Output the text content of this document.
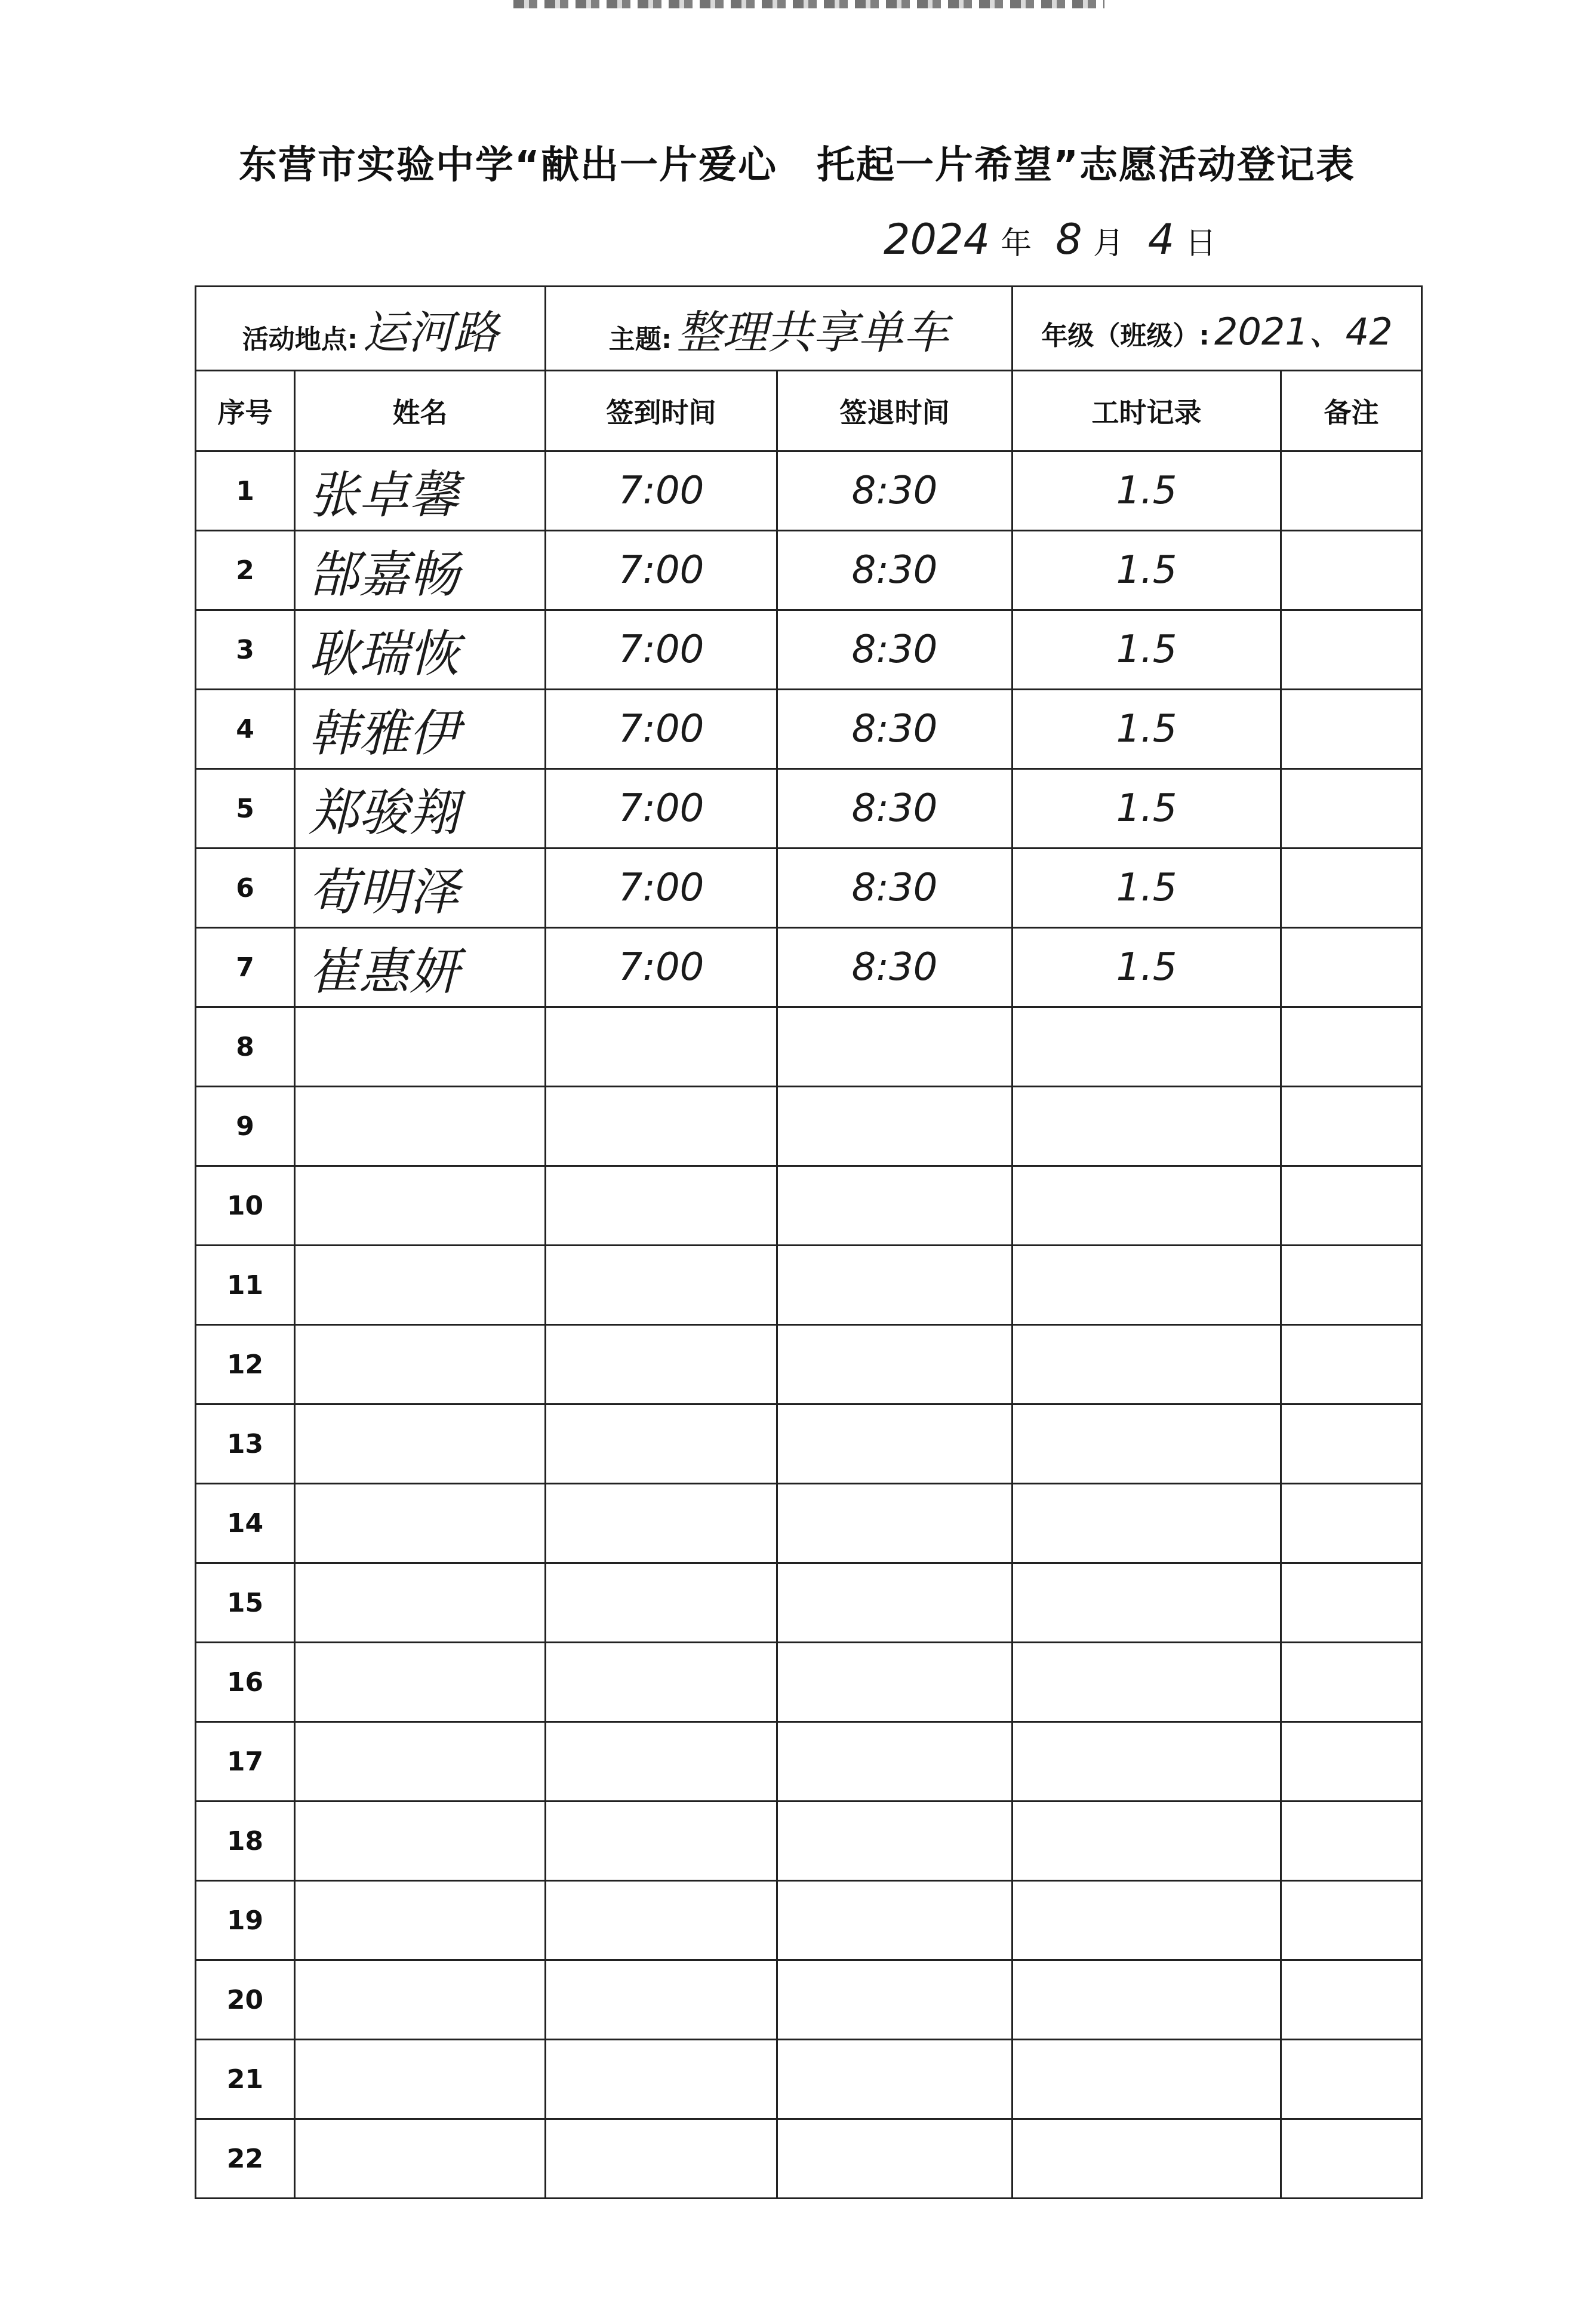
东营市实验中学“献出一片爱心　托起一片希望”志愿活动登记表
2024 年 8 月 4 日
活动地点: 运河路		主题: 整理共享单车		年级（班级）: 2021、42	
序号	姓名	签到时间	签退时间	工时记录	备注
1	张卓馨	7:00	8:30	1.5	
2	郜嘉畅	7:00	8:30	1.5	
3	耿瑞恢	7:00	8:30	1.5	
4	韩雅伊	7:00	8:30	1.5	
5	郑骏翔	7:00	8:30	1.5	
6	荀明泽	7:00	8:30	1.5	
7	崔惠妍	7:00	8:30	1.5	
8					
9					
10					
11					
12					
13					
14					
15					
16					
17					
18					
19					
20					
21					
22					
